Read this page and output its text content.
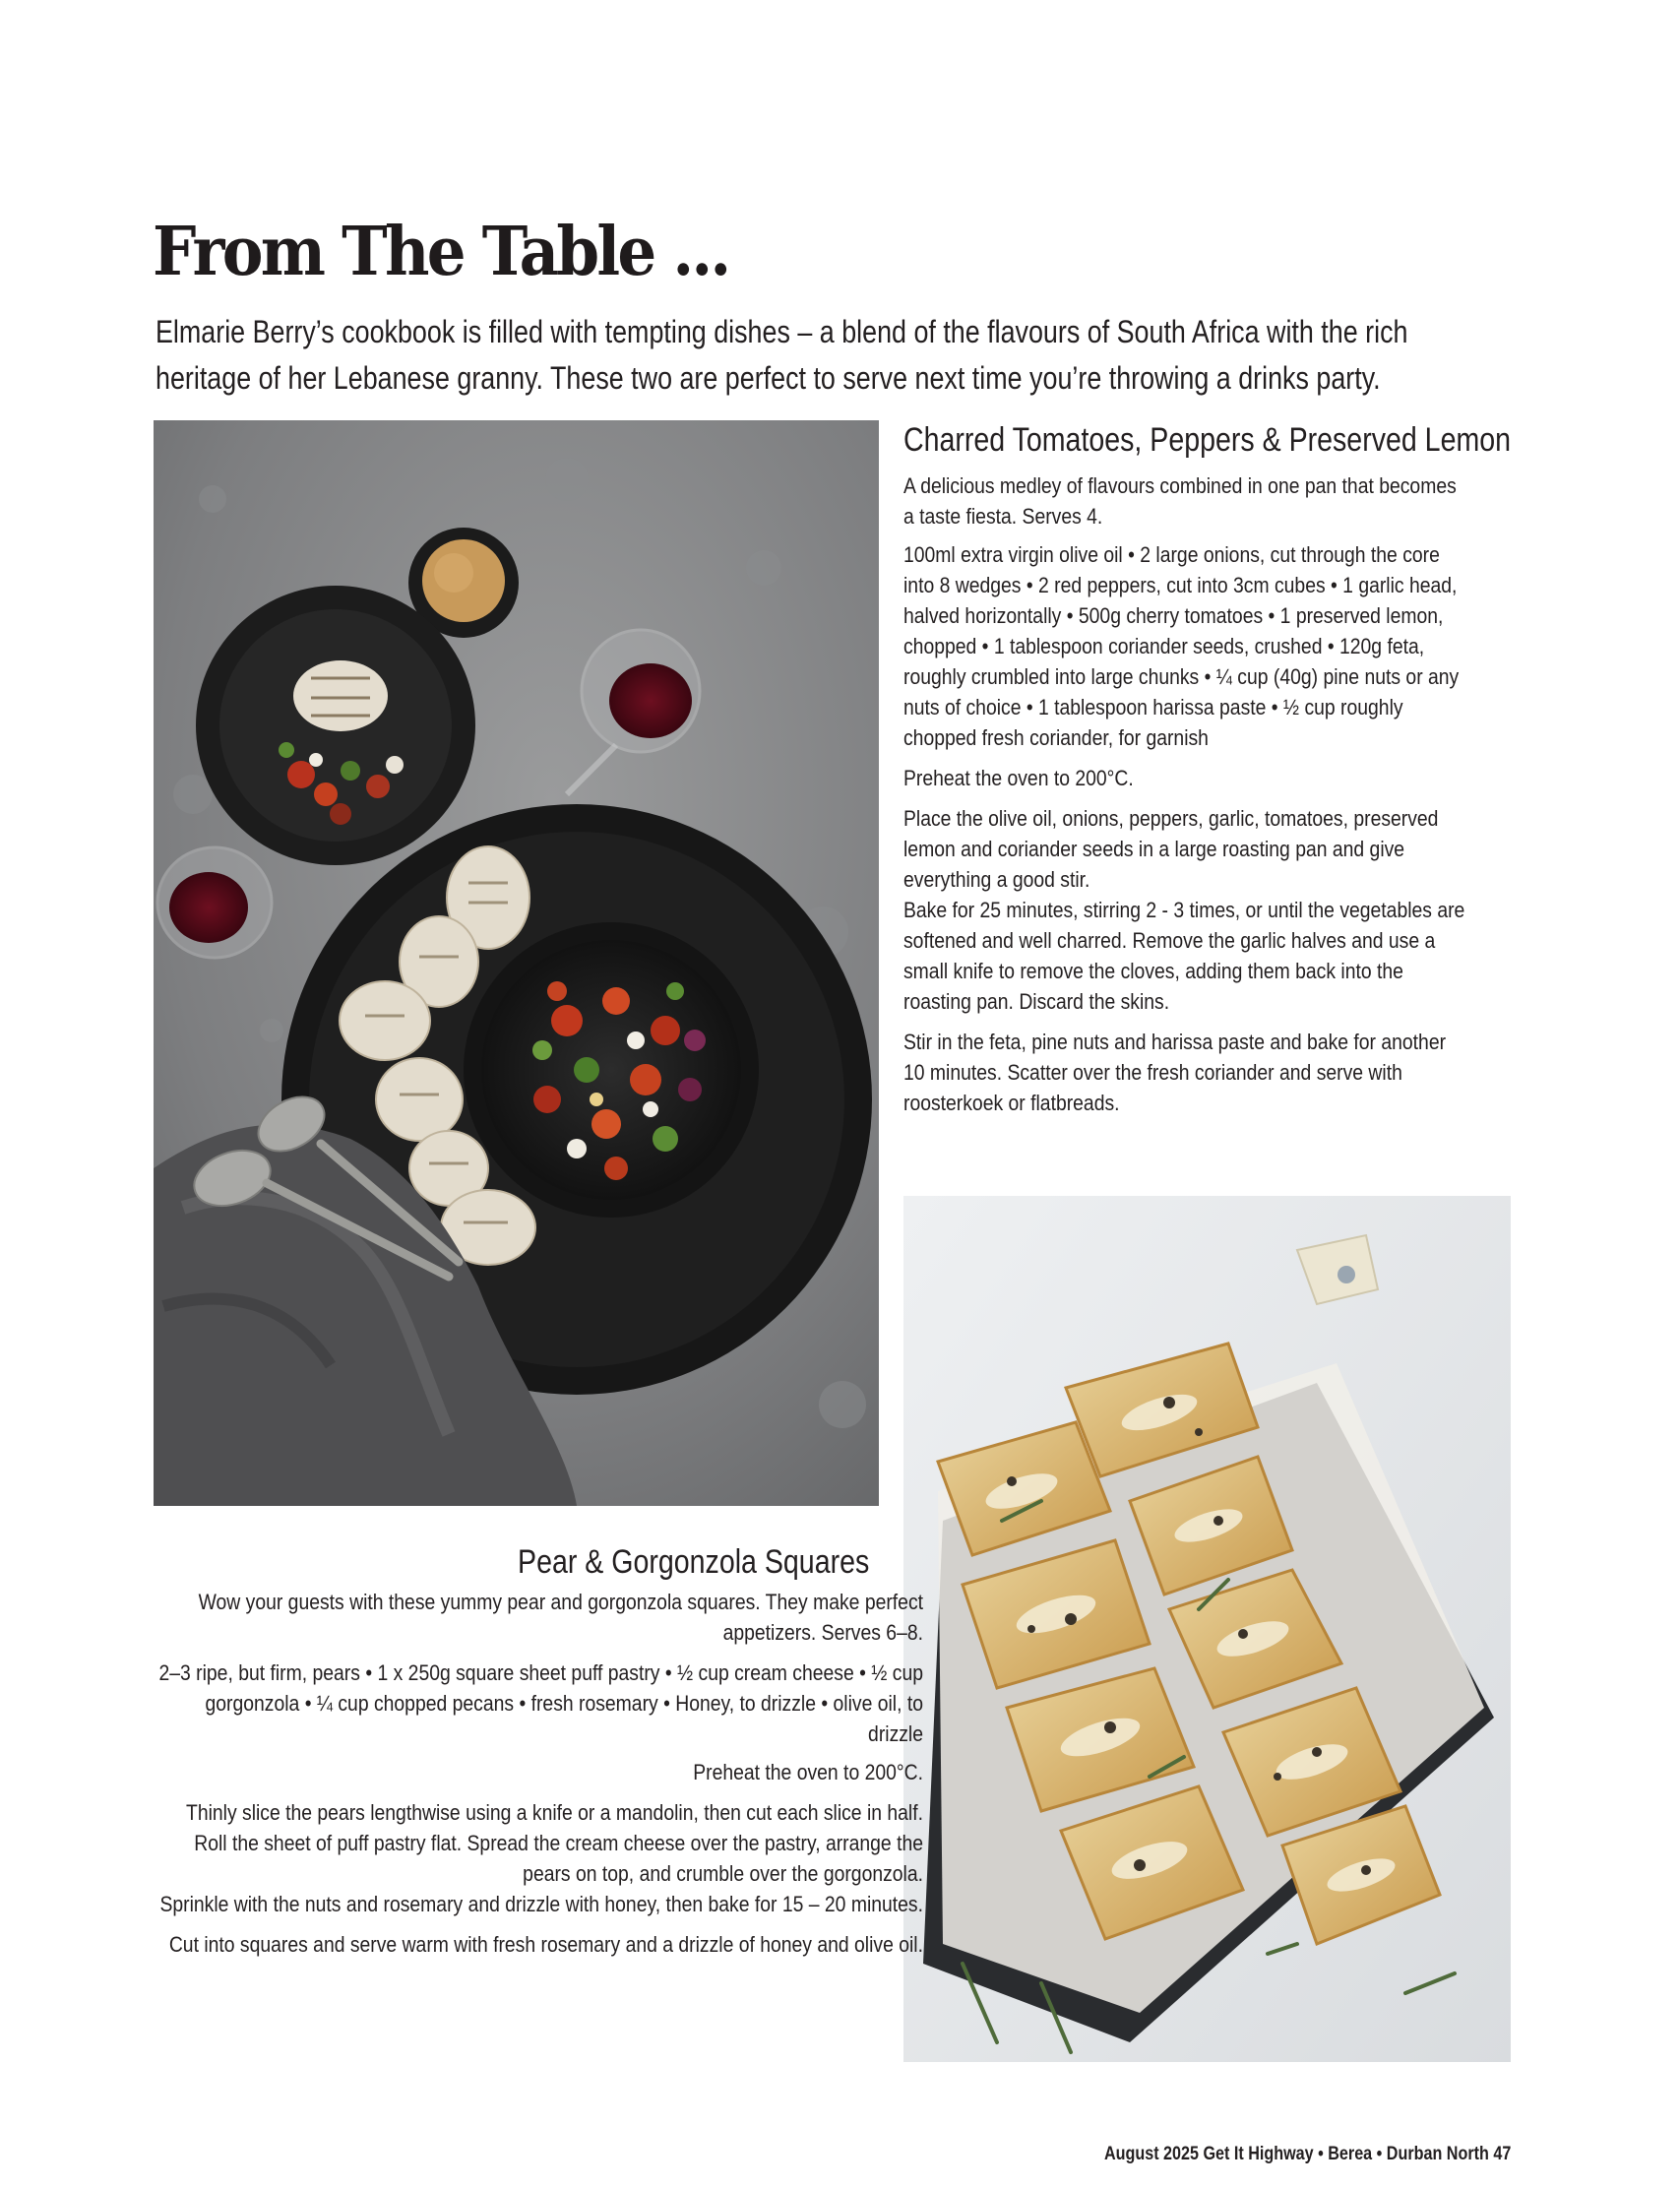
From The Table ...
Elmarie Berry’s cookbook is filled with tempting dishes – a blend of the flavours of South Africa with the rich
heritage of her Lebanese granny. These two are perfect to serve next time you’re throwing a drinks party.
Charred Tomatoes, Peppers & Preserved Lemon

A delicious medley of flavours combined in one pan that becomes a taste fiesta. Serves 4.

100ml extra virgin olive oil • 2 large onions, cut through the core into 8 wedges • 2 red peppers, cut into 3cm cubes • 1 garlic head, halved horizontally • 500g cherry tomatoes • 1 preserved lemon, chopped • 1 tablespoon coriander seeds, crushed • 120g feta, roughly crumbled into large chunks • ¼ cup (40g) pine nuts or any nuts of choice • 1 tablespoon harissa paste • ½ cup roughly chopped fresh coriander, for garnish

Preheat the oven to 200°C.

Place the olive oil, onions, peppers, garlic, tomatoes, preserved lemon and coriander seeds in a large roasting pan and give everything a good stir.

Bake for 25 minutes, stirring 2 - 3 times, or until the vegetables are softened and well charred. Remove the garlic halves and use a small knife to remove the cloves, adding them back into the roasting pan. Discard the skins.

Stir in the feta, pine nuts and harissa paste and bake for another 10 minutes. Scatter over the fresh coriander and serve with roosterkoek or flatbreads.

Pear & Gorgonzola Squares

Wow your guests with these yummy pear and gorgonzola squares. They make perfect appetizers. Serves 6–8.

2–3 ripe, but firm, pears • 1 x 250g square sheet puff pastry • ½ cup cream cheese • ½ cup gorgonzola • ¼ cup chopped pecans • fresh rosemary • Honey, to drizzle • olive oil, to drizzle

Preheat the oven to 200°C.

Thinly slice the pears lengthwise using a knife or a mandolin, then cut each slice in half. Roll the sheet of puff pastry flat. Spread the cream cheese over the pastry, arrange the pears on top, and crumble over the gorgonzola.

Sprinkle with the nuts and rosemary and drizzle with honey, then bake for 15 – 20 minutes.

Cut into squares and serve warm with fresh rosemary and a drizzle of honey and olive oil.

August 2025 Get It Highway • Berea • Durban North 47
